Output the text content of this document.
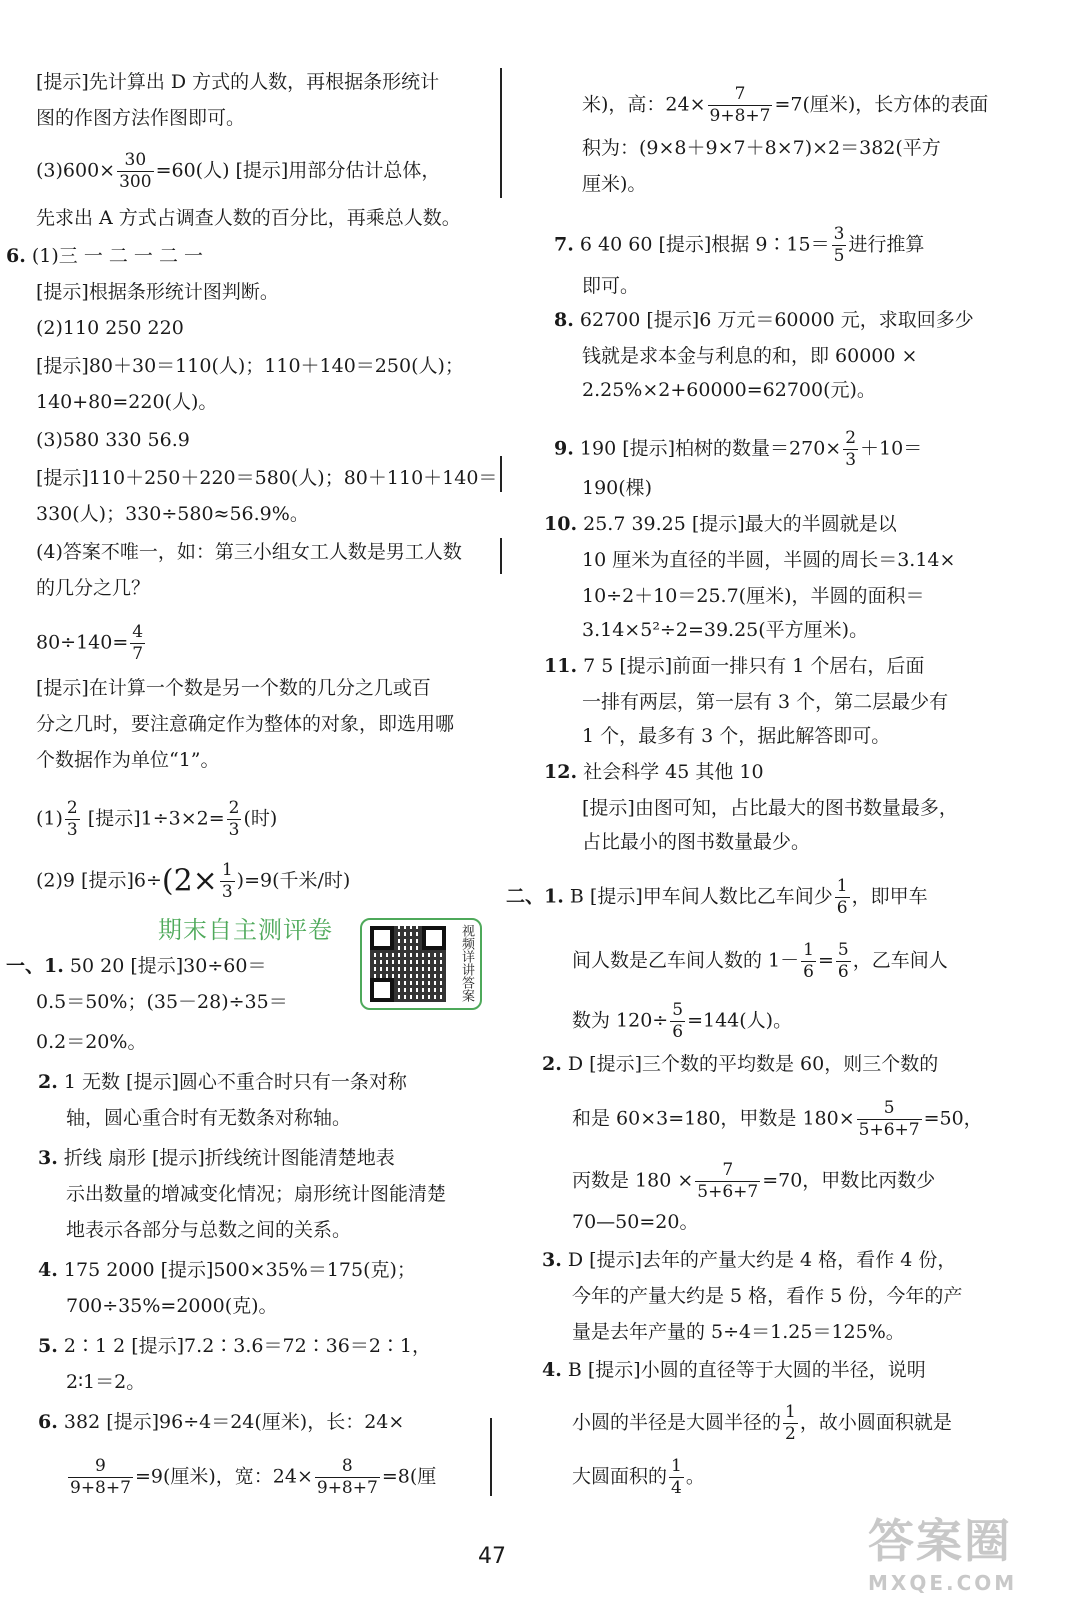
[提示]先计算出 D 方式的人数，再根据条形统计
图的作图方法作图即可。
$(3)600\times \frac{30}{300} =60$(人) [提示]用部分估计总体，
先求出 A 方式占调查人数的百分比，再乘总人数。
6. (1)三 一 二 一 二 一
[提示]根据条形统计图判断。
(2)110 250 220
[提示]80＋30＝110(人)；110＋140＝250(人)；
140+80=220(人)。
(3)580 330 56.9
[提示]110＋250＋220＝580(人)；80＋110＋140＝
330(人)；330÷580≈56.9%。
(4)答案不唯一，如：第三小组女工人数是男工人数
的几分之几？
$80\div 140= \frac{4}{7}$
[提示]在计算一个数是另一个数的几分之几或百
分之几时，要注意确定作为整体的对象，即选用哪
个数据作为单位“1”。
$(1) \frac{2}{3}$ [提示]$1\div 3\times 2= \frac{2}{3}$ (时)
(2)9 [提示]$6\div(2\times \frac{1}{3} )=9$(千米/时)
期末自主测评卷
一、1. 50 20 [提示]30÷60＝
0.5＝50%；(35－28)÷35＝
0.2＝20%。
2. 1 无数 [提示]圆心不重合时只有一条对称
轴，圆心重合时有无数条对称轴。
3. 折线 扇形 [提示]折线统计图能清楚地表
示出数量的增减变化情况；扇形统计图能清楚
地表示各部分与总数之间的关系。
4. 175 2000 [提示]500×35%＝175(克)；
700÷35%=2000(克)。
5. 2∶1 2 [提示]7.2∶3.6＝72∶36＝2∶1，
2∶1＝2。
6. 382 [提示]96÷4＝24(厘米)，长：24×
$\frac{9}{9+8+7} =9$(厘米)，宽：$24\times \frac{8}{9+8+7} =8$(厘
视频详讲答案
米)，高：$24\times \frac{7}{9+8+7} =7$(厘米)，长方体的表面
积为：(9×8＋9×7＋8×7)×2＝382(平方
厘米)。
7. 6 40 60 [提示]根据 9∶15＝ $\frac{3}{5}$ 进行推算
即可。
8. 62700 [提示]6 万元＝60000 元，求取回多少
钱就是求本金与利息的和，即 60000 ×
2.25%×2+60000=62700(元)。
9. 190 [提示]柏树的数量$=270\times \frac{2}{3} +10=$
190(棵)
10. 25.7 39.25 [提示]最大的半圆就是以
10 厘米为直径的半圆，半圆的周长＝3.14×
10÷2＋10＝25.7(厘米)，半圆的面积＝
3.14×5²÷2=39.25(平方厘米)。
11. 7 5 [提示]前面一排只有 1 个居右，后面
一排有两层，第一层有 3 个，第二层最少有
1 个，最多有 3 个，据此解答即可。
12. 社会科学 45 其他 10
[提示]由图可知，占比最大的图书数量最多，
占比最小的图书数量最少。
二、1. B [提示]甲车间人数比乙车间少 $\frac{1}{6}$ ，即甲车
间人数是乙车间人数的 $1- \frac{1}{6} = \frac{5}{6}$ ，乙车间人
数为 $120\div \frac{5}{6} =144$(人)。
2. D [提示]三个数的平均数是 60，则三个数的
和是 60×3=180，甲数是 $180\times \frac{5}{5+6+7} =50$，
丙数是 $180 \times \frac{7}{5+6+7} =70$，甲数比丙数少
70—50=20。
3. D [提示]去年的产量大约是 4 格，看作 4 份，
今年的产量大约是 5 格，看作 5 份，今年的产
量是去年产量的 5÷4＝1.25＝125%。
4. B [提示]小圆的直径等于大圆的半径，说明
小圆的半径是大圆半径的 $\frac{1}{2}$ ，故小圆面积就是
大圆面积的 $\frac{1}{4}$ 。
47	答案圈
MXQE.COM
